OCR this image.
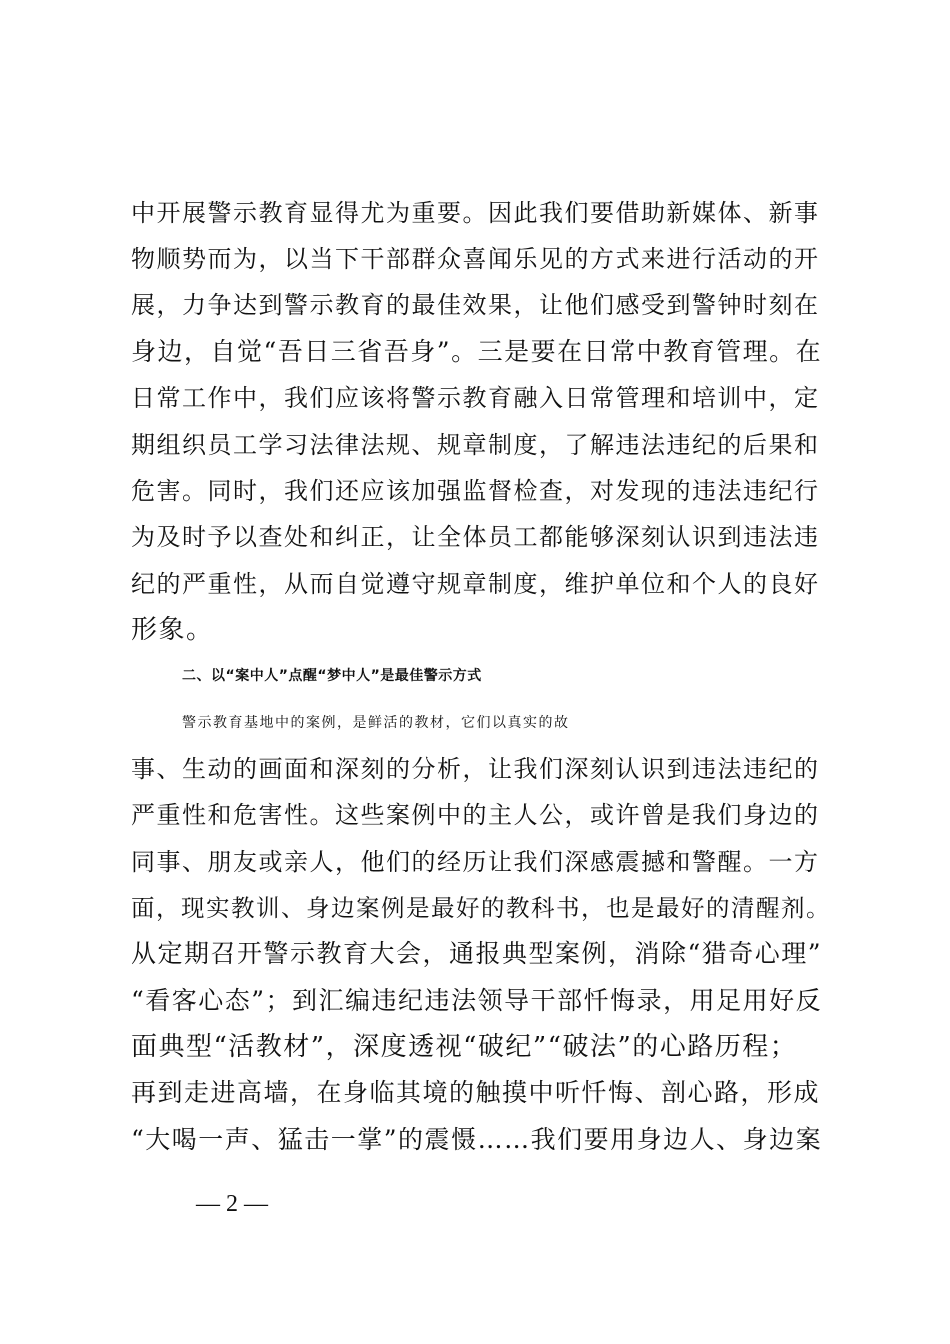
中开展警示教育显得尤为重要。因此我们要借助新媒体、新事
物顺势而为，以当下干部群众喜闻乐见的方式来进行活动的开
展，力争达到警示教育的最佳效果，让他们感受到警钟时刻在
身边，自觉“吾日三省吾身”。三是要在日常中教育管理。在
日常工作中，我们应该将警示教育融入日常管理和培训中，定
期组织员工学习法律法规、规章制度，了解违法违纪的后果和
危害。同时，我们还应该加强监督检查，对发现的违法违纪行
为及时予以查处和纠正，让全体员工都能够深刻认识到违法违
纪的严重性，从而自觉遵守规章制度，维护单位和个人的良好
形象。
二、以“案中人”点醒“梦中人”是最佳警示方式
警示教育基地中的案例，是鲜活的教材，它们以真实的故
事、生动的画面和深刻的分析，让我们深刻认识到违法违纪的
严重性和危害性。这些案例中的主人公，或许曾是我们身边的
同事、朋友或亲人，他们的经历让我们深感震撼和警醒。一方
面，现实教训、身边案例是最好的教科书，也是最好的清醒剂。
从定期召开警示教育大会，通报典型案例，消除“猎奇心理”
“看客心态”；到汇编违纪违法领导干部忏悔录，用足用好反
面典型“活教材”，深度透视“破纪”“破法”的心路历程；
再到走进高墙，在身临其境的触摸中听忏悔、剖心路，形成
“大喝一声、猛击一掌”的震慑……我们要用身边人、身边案
— 2 —
